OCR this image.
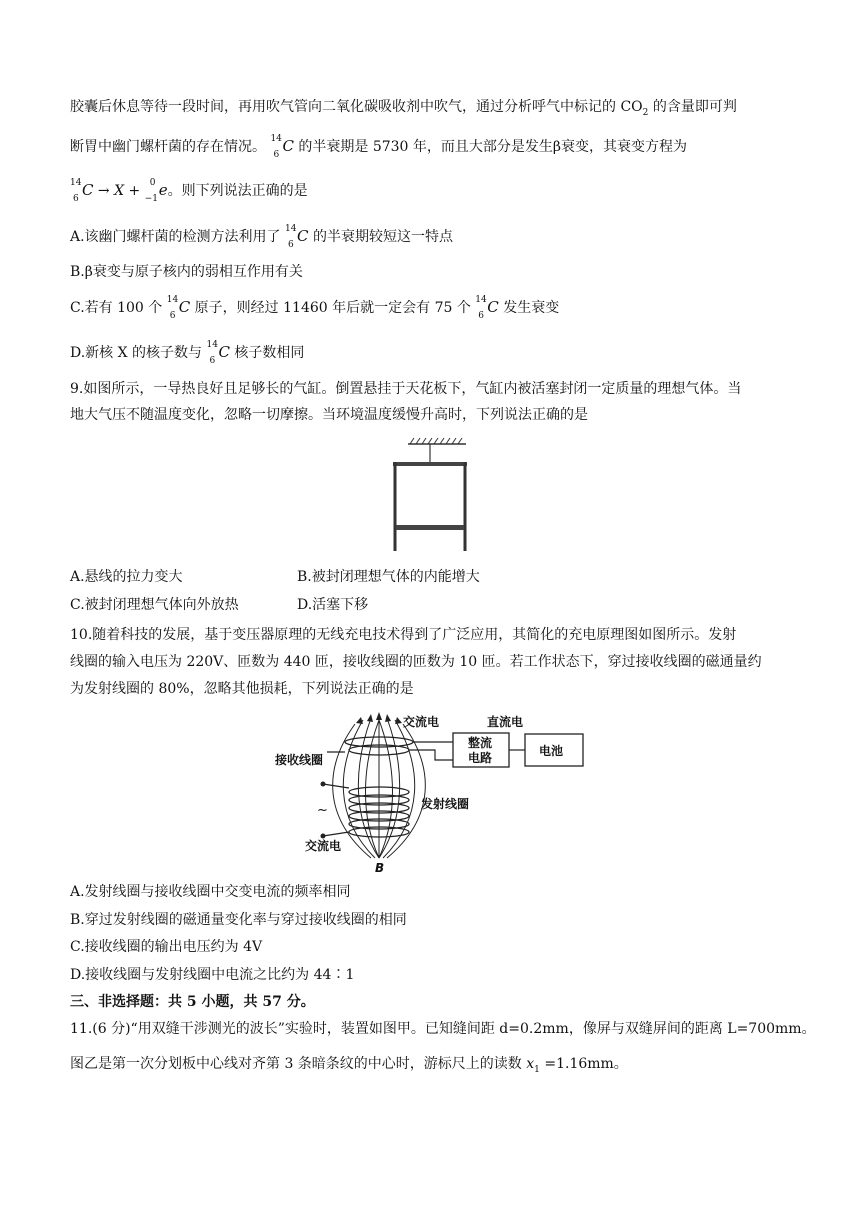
胶囊后休息等待一段时间，再用吹气管向二氧化碳吸收剂中吹气，通过分析呼气中标记的 $CO_2$ 的含量即可判
断胃中幽门螺杆菌的存在情况。 14
6 C 的半衰期是 5730 年，而且大部分是发生β衰变，其衰变方程为
14
6 C → X + 0
−1 e。则下列说法正确的是
A.该幽门螺杆菌的检测方法利用了 14
6 C 的半衰期较短这一特点
B.β衰变与原子核内的弱相互作用有关
C.若有 100 个 14
6 C 原子，则经过 11460 年后就一定会有 75 个 14
6 C 发生衰变
D.新核 X 的核子数与 14
6 C 核子数相同
9.如图所示，一导热良好且足够长的气缸。倒置悬挂于天花板下，气缸内被活塞封闭一定质量的理想气体。当
地大气压不随温度变化，忽略一切摩擦。当环境温度缓慢升高时，下列说法正确的是
A.悬线的拉力变大	B.被封闭理想气体的内能增大
C.被封闭理想气体向外放热	D.活塞下移
10.随着科技的发展，基于变压器原理的无线充电技术得到了广泛应用，其简化的充电原理图如图所示。发射
线圈的输入电压为 220V、匝数为 440 匝，接收线圈的匝数为 10 匝。若工作状态下，穿过接收线圈的磁通量约
为发射线圈的 80%，忽略其他损耗，下列说法正确的是
交流电	直流电
整流
电路	电池
接收线圈
发射线圈
~
交流电
B
A.发射线圈与接收线圈中交变电流的频率相同
B.穿过发射线圈的磁通量变化率与穿过接收线圈的相同
C.接收线圈的输出电压约为 4V
D.接收线圈与发射线圈中电流之比约为 44∶1
三、非选择题：共 5 小题，共 57 分。
11.(6 分)“用双缝干涉测光的波长”实验时，装置如图甲。已知缝间距 d=0.2mm，像屏与双缝屏间的距离 L=700mm。
图乙是第一次分划板中心线对齐第 3 条暗条纹的中心时，游标尺上的读数 $x_1 =1.16mm$。
